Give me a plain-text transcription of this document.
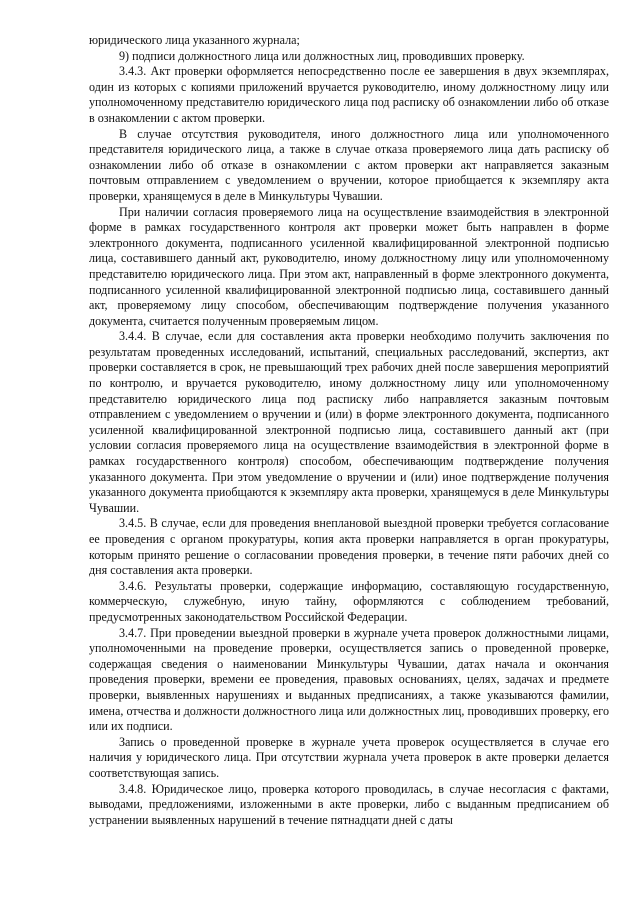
юридического лица указанного журнала;

9) подписи должностного лица или должностных лиц, проводивших проверку.

3.4.3. Акт проверки оформляется непосредственно после ее завершения в двух экземплярах, один из которых с копиями приложений вручается руководителю, иному должностному лицу или уполномоченному представителю юридического лица под расписку об ознакомлении либо об отказе в ознакомлении с актом проверки.

В случае отсутствия руководителя, иного должностного лица или уполномоченного представителя юридического лица, а также в случае отказа проверяемого лица дать расписку об ознакомлении либо об отказе в ознакомлении с актом проверки акт направляется заказным почтовым отправлением с уведомлением о вручении, которое приобщается к экземпляру акта проверки, хранящемуся в деле в Минкультуры Чувашии.

При наличии согласия проверяемого лица на осуществление взаимодействия в электронной форме в рамках государственного контроля акт проверки может быть направлен в форме электронного документа, подписанного усиленной квалифицированной электронной подписью лица, составившего данный акт, руководителю, иному должностному лицу или уполномоченному представителю юридического лица. При этом акт, направленный в форме электронного документа, подписанного усиленной квалифицированной электронной подписью лица, составившего данный акт, проверяемому лицу способом, обеспечивающим подтверждение получения указанного документа, считается полученным проверяемым лицом.

3.4.4. В случае, если для составления акта проверки необходимо получить заключения по результатам проведенных исследований, испытаний, специальных расследований, экспертиз, акт проверки составляется в срок, не превышающий трех рабочих дней после завершения мероприятий по контролю, и вручается руководителю, иному должностному лицу или уполномоченному представителю юридического лица под расписку либо направляется заказным почтовым отправлением с уведомлением о вручении и (или) в форме электронного документа, подписанного усиленной квалифицированной электронной подписью лица, составившего данный акт (при условии согласия проверяемого лица на осуществление взаимодействия в электронной форме в рамках государственного контроля) способом, обеспечивающим подтверждение получения указанного документа. При этом уведомление о вручении и (или) иное подтверждение получения указанного документа приобщаются к экземпляру акта проверки, хранящемуся в деле Минкультуры Чувашии.

3.4.5. В случае, если для проведения внеплановой выездной проверки требуется согласование ее проведения с органом прокуратуры, копия акта проверки направляется в орган прокуратуры, которым принято решение о согласовании проведения проверки, в течение пяти рабочих дней со дня составления акта проверки.

3.4.6. Результаты проверки, содержащие информацию, составляющую государственную, коммерческую, служебную, иную тайну, оформляются с соблюдением требований, предусмотренных законодательством Российской Федерации.

3.4.7. При проведении выездной проверки в журнале учета проверок должностными лицами, уполномоченными на проведение проверки, осуществляется запись о проведенной проверке, содержащая сведения о наименовании Минкультуры Чувашии, датах начала и окончания проведения проверки, времени ее проведения, правовых основаниях, целях, задачах и предмете проверки, выявленных нарушениях и выданных предписаниях, а также указываются фамилии, имена, отчества и должности должностного лица или должностных лиц, проводивших проверку, его или их подписи.

Запись о проведенной проверке в журнале учета проверок осуществляется в случае его наличия у юридического лица. При отсутствии журнала учета проверок в акте проверки делается соответствующая запись.

3.4.8. Юридическое лицо, проверка которого проводилась, в случае несогласия с фактами, выводами, предложениями, изложенными в акте проверки, либо с выданным предписанием об устранении выявленных нарушений в течение пятнадцати дней с даты
